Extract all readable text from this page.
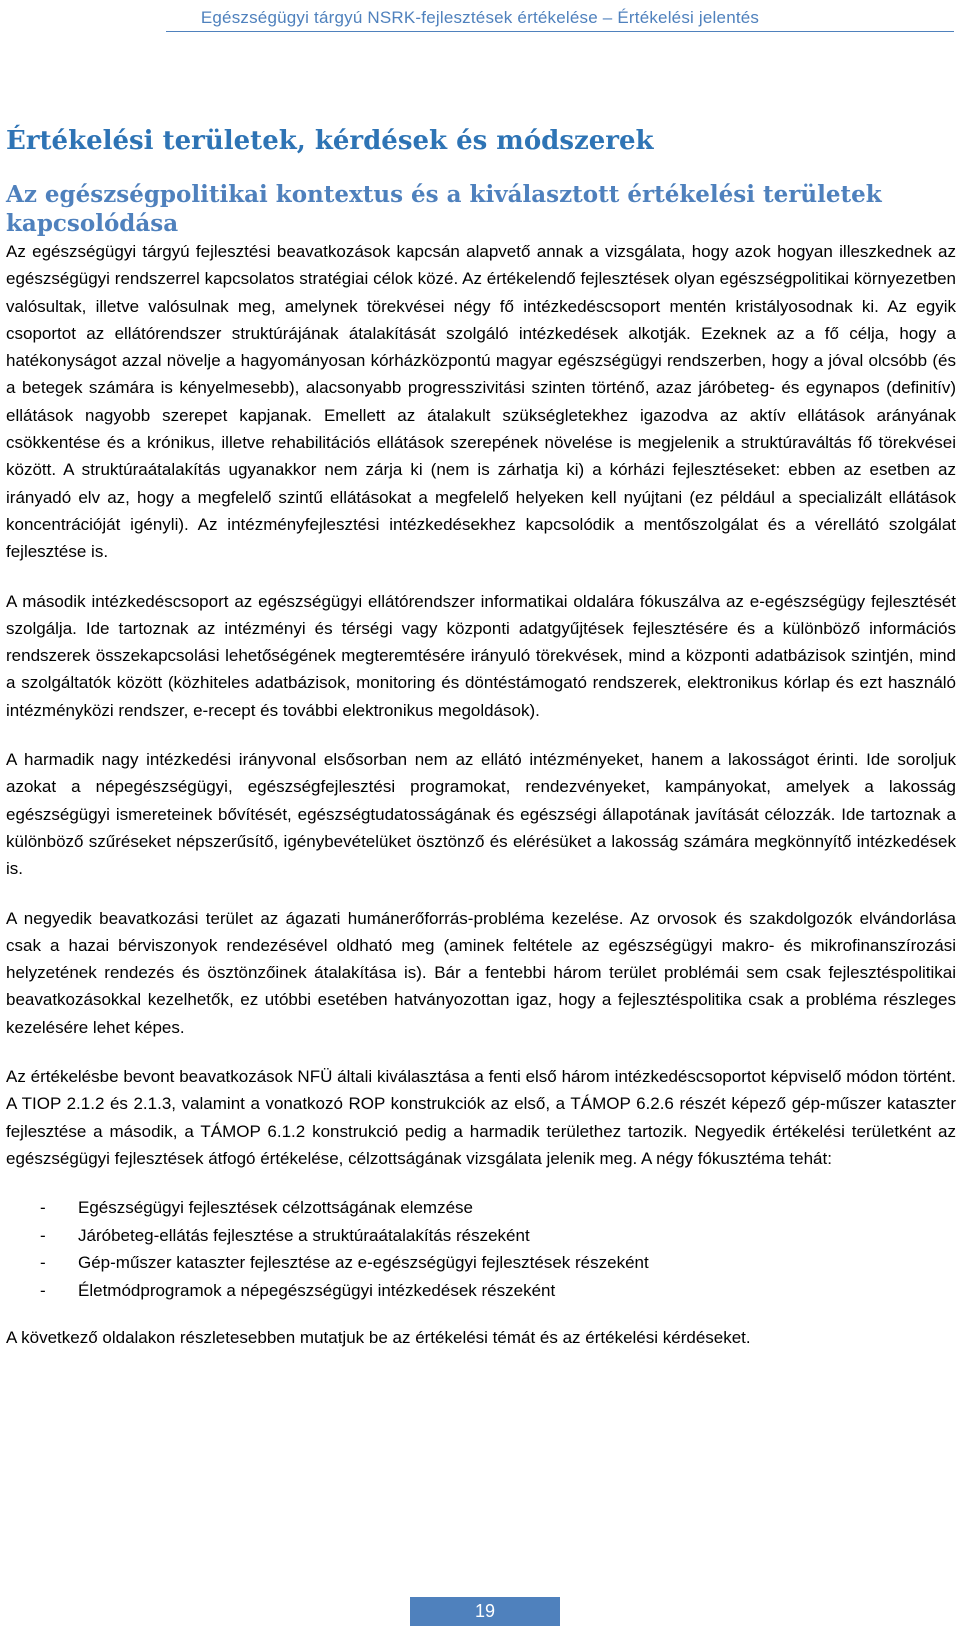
Egészségügyi tárgyú NSRK-fejlesztések értékelése – Értékelési jelentés
Értékelési területek, kérdések és módszerek
Az egészségpolitikai kontextus és a kiválasztott értékelési területek kapcsolódása

Az egészségügyi tárgyú fejlesztési beavatkozások kapcsán alapvető annak a vizsgálata, hogy azok hogyan illeszkednek az egészségügyi rendszerrel kapcsolatos stratégiai célok közé. Az értékelendő fejlesztések olyan egészségpolitikai környezetben valósultak, illetve valósulnak meg, amelynek törekvései négy fő intézkedéscsoport mentén kristályosodnak ki. Az egyik csoportot az ellátórendszer struktúrájának átalakítását szolgáló intézkedések alkotják. Ezeknek az a fő célja, hogy a hatékonyságot azzal növelje a hagyományosan kórházközpontú magyar egészségügyi rendszerben, hogy a jóval olcsóbb (és a betegek számára is kényelmesebb), alacsonyabb progresszivitási szinten történő, azaz járóbeteg- és egynapos (definitív) ellátások nagyobb szerepet kapjanak. Emellett az átalakult szükségletekhez igazodva az aktív ellátások arányának csökkentése és a krónikus, illetve rehabilitációs ellátások szerepének növelése is megjelenik a struktúraváltás fő törekvései között. A struktúraátalakítás ugyanakkor nem zárja ki (nem is zárhatja ki) a kórházi fejlesztéseket: ebben az esetben az irányadó elv az, hogy a megfelelő szintű ellátásokat a megfelelő helyeken kell nyújtani (ez például a specializált ellátások koncentrációját igényli). Az intézményfejlesztési intézkedésekhez kapcsolódik a mentőszolgálat és a vérellátó szolgálat fejlesztése is.

A második intézkedéscsoport az egészségügyi ellátórendszer informatikai oldalára fókuszálva az e-egészségügy fejlesztését szolgálja. Ide tartoznak az intézményi és térségi vagy központi adatgyűjtések fejlesztésére és a különböző információs rendszerek összekapcsolási lehetőségének megteremtésére irányuló törekvések, mind a központi adatbázisok szintjén, mind a szolgáltatók között (közhiteles adatbázisok, monitoring és döntéstámogató rendszerek, elektronikus kórlap és ezt használó intézményközi rendszer, e-recept és további elektronikus megoldások).

A harmadik nagy intézkedési irányvonal elsősorban nem az ellátó intézményeket, hanem a lakosságot érinti. Ide soroljuk azokat a népegészségügyi, egészségfejlesztési programokat, rendezvényeket, kampányokat, amelyek a lakosság egészségügyi ismereteinek bővítését, egészségtudatosságának és egészségi állapotának javítását célozzák. Ide tartoznak a különböző szűréseket népszerűsítő, igénybevételüket ösztönző és elérésüket a lakosság számára megkönnyítő intézkedések is.

A negyedik beavatkozási terület az ágazati humánerőforrás-probléma kezelése. Az orvosok és szakdolgozók elvándorlása csak a hazai bérviszonyok rendezésével oldható meg (aminek feltétele az egészségügyi makro- és mikrofinanszírozási helyzetének rendezés és ösztönzőinek átalakítása is). Bár a fentebbi három terület problémái sem csak fejlesztéspolitikai beavatkozásokkal kezelhetők, ez utóbbi esetében hatványozottan igaz, hogy a fejlesztéspolitika csak a probléma részleges kezelésére lehet képes.

Az értékelésbe bevont beavatkozások NFÜ általi kiválasztása a fenti első három intézkedéscsoportot képviselő módon történt. A TIOP 2.1.2 és 2.1.3, valamint a vonatkozó ROP konstrukciók az első, a TÁMOP 6.2.6 részét képező gép-műszer kataszter fejlesztése a második, a TÁMOP 6.1.2 konstrukció pedig a harmadik területhez tartozik. Negyedik értékelési területként az egészségügyi fejlesztések átfogó értékelése, célzottságának vizsgálata jelenik meg. A négy fókusztéma tehát:

- Egészségügyi fejlesztések célzottságának elemzése
- Járóbeteg-ellátás fejlesztése a struktúraátalakítás részeként
- Gép-műszer kataszter fejlesztése az e-egészségügyi fejlesztések részeként
- Életmódprogramok a népegészségügyi intézkedések részeként

A következő oldalakon részletesebben mutatjuk be az értékelési témát és az értékelési kérdéseket.

19
